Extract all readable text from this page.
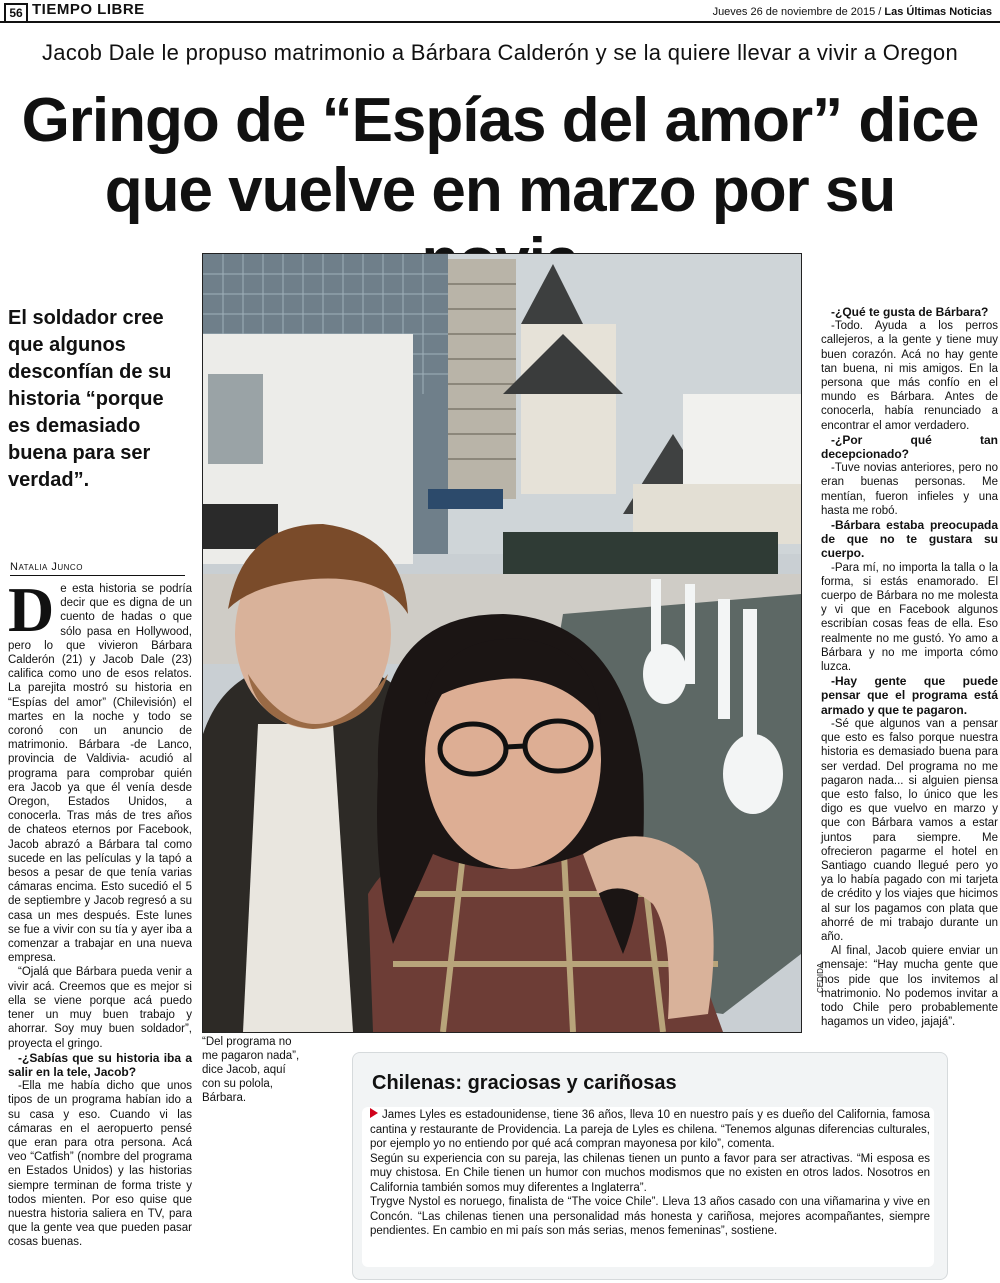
56 TIEMPO LIBRE	Jueves 26 de noviembre de 2015 / Las Últimas Noticias
Jacob Dale le propuso matrimonio a Bárbara Calderón y se la quiere llevar a vivir a Oregon
Gringo de “Espías del amor” dice
que vuelve en marzo por su
El soldador cree que algunos desconfían de su historia “porque es demasiado buena para ser verdad”.
Natalia Junco

De esta historia se podría decir que es digna de un cuento de hadas o que sólo pasa en Hollywood, pero lo que vivieron Bárbara Calderón (21) y Jacob Dale (23) califica como uno de esos relatos. La parejita mostró su historia en “Espías del amor” (Chilevisión) el martes en la noche y todo se coronó con un anuncio de matrimonio. Bárbara -de Lanco, provincia de Valdivia- acudió al programa para comprobar quién era Jacob ya que él venía desde Oregon, Estados Unidos, a conocerla. Tras más de tres años de chateos eternos por Facebook, Jacob abrazó a Bárbara tal como sucede en las películas y la tapó a besos a pesar de que tenía varias cámaras encima. Esto sucedió el 5 de septiembre y Jacob regresó a su casa un mes después. Este lunes se fue a vivir con su tía y ayer iba a comenzar a trabajar en una nueva empresa.

“Ojalá que Bárbara pueda venir a vivir acá. Creemos que es mejor si ella se viene porque acá puedo tener un muy buen trabajo y ahorrar. Soy muy buen soldador”, proyecta el gringo.

-¿Sabías que su historia iba a salir en la tele, Jacob?

-Ella me había dicho que unos tipos de un programa habían ido a su casa y eso. Cuando vi las cámaras en el aeropuerto pensé que eran para otra persona. Acá veo “Catfish” (nombre del programa en Estados Unidos) y las historias siempre terminan de forma triste y todos mienten. Por eso quise que nuestra historia saliera en TV, para que la gente vea que pueden pasar cosas buenas.

CEDIDA
“Del programa no me pagaron nada”, dice Jacob, aquí con su polola, Bárbara.

-¿Qué te gusta de Bárbara?

-Todo. Ayuda a los perros callejeros, a la gente y tiene muy buen corazón. Acá no hay gente tan buena, ni mis amigos. En la persona que más confío en el mundo es Bárbara. Antes de conocerla, había renunciado a encontrar el amor verdadero.

-¿Por qué tan decepcionado?

-Tuve novias anteriores, pero no eran buenas personas. Me mentían, fueron infieles y una hasta me robó.

-Bárbara estaba preocupada de que no te gustara su cuerpo.

-Para mí, no importa la talla o la forma, si estás enamorado. El cuerpo de Bárbara no me molesta y vi que en Facebook algunos escribían cosas feas de ella. Eso realmente no me gustó. Yo amo a Bárbara y no me importa cómo luzca.

-Hay gente que puede pensar que el programa está armado y que te pagaron.

-Sé que algunos van a pensar que esto es falso porque nuestra historia es demasiado buena para ser verdad. Del programa no me pagaron nada... si alguien piensa que esto falso, lo único que les digo es que vuelvo en marzo y que con Bárbara vamos a estar juntos para siempre. Me ofrecieron pagarme el hotel en Santiago cuando llegué pero yo ya lo había pagado con mi tarjeta de crédito y los viajes que hicimos al sur los pagamos con plata que ahorré de mi trabajo durante un año.

Al final, Jacob quiere enviar un mensaje: “Hay mucha gente que nos pide que los invitemos al matrimonio. No podemos invitar a todo Chile pero probablemente hagamos un video, jajajá”.

Chilenas: graciosas y cariñosas

James Lyles es estadounidense, tiene 36 años, lleva 10 en nuestro país y es dueño del California, famosa cantina y restaurante de Providencia. La pareja de Lyles es chilena. “Tenemos algunas diferencias culturales, por ejemplo yo no entiendo por qué acá compran mayonesa por kilo”, comenta.

Según su experiencia con su pareja, las chilenas tienen un punto a favor para ser atractivas. “Mi esposa es muy chistosa. En Chile tienen un humor con muchos modismos que no existen en otros lados. Nosotros en California también somos muy diferentes a Inglaterra”.

Trygve Nystol es noruego, finalista de “The voice Chile”. Lleva 13 años casado con una viñamarina y vive en Concón. “Las chilenas tienen una personalidad más honesta y cariñosa, mejores acompañantes, siempre pendientes. En cambio en mi país son más serias, menos femeninas”, sostiene.
